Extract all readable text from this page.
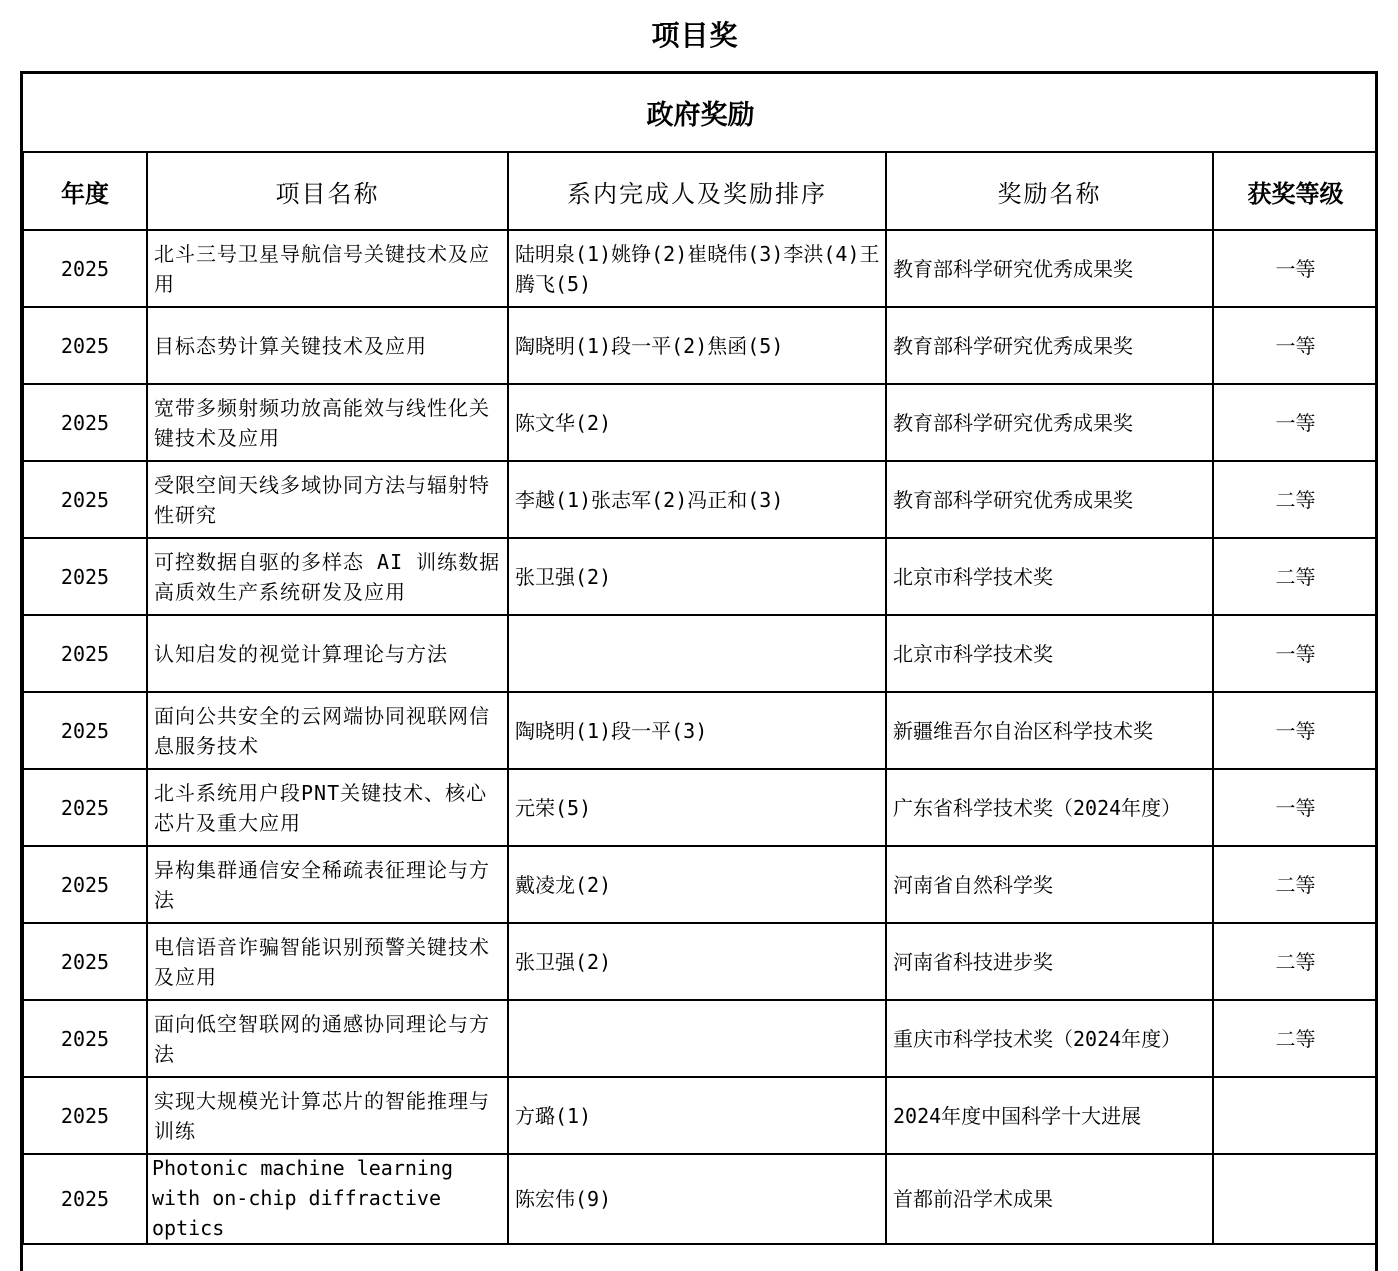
项目奖
政府奖励				
年度	项目名称	系内完成人及奖励排序	奖励名称	获奖等级
2025	北斗三号卫星导航信号关键技术及应用	陆明泉(1)姚铮(2)崔晓伟(3)李洪(4)王腾飞(5)	教育部科学研究优秀成果奖	一等
2025	目标态势计算关键技术及应用	陶晓明(1)段一平(2)焦函(5)	教育部科学研究优秀成果奖	一等
2025	宽带多频射频功放高能效与线性化关键技术及应用	陈文华(2)	教育部科学研究优秀成果奖	一等
2025	受限空间天线多域协同方法与辐射特性研究	李越(1)张志军(2)冯正和(3)	教育部科学研究优秀成果奖	二等
2025	可控数据自驱的多样态 AI 训练数据高质效生产系统研发及应用	张卫强(2)	北京市科学技术奖	二等
2025	认知启发的视觉计算理论与方法		北京市科学技术奖	一等
2025	面向公共安全的云网端协同视联网信息服务技术	陶晓明(1)段一平(3)	新疆维吾尔自治区科学技术奖	一等
2025	北斗系统用户段PNT关键技术、核心芯片及重大应用	元荣(5)	广东省科学技术奖（2024年度）	一等
2025	异构集群通信安全稀疏表征理论与方法	戴凌龙(2)	河南省自然科学奖	二等
2025	电信语音诈骗智能识别预警关键技术及应用	张卫强(2)	河南省科技进步奖	二等
2025	面向低空智联网的通感协同理论与方法		重庆市科学技术奖（2024年度）	二等
2025	实现大规模光计算芯片的智能推理与训练	方璐(1)	2024年度中国科学十大进展	
2025	Photonic machine learning with on-chip diffractive optics	陈宏伟(9)	首都前沿学术成果	
